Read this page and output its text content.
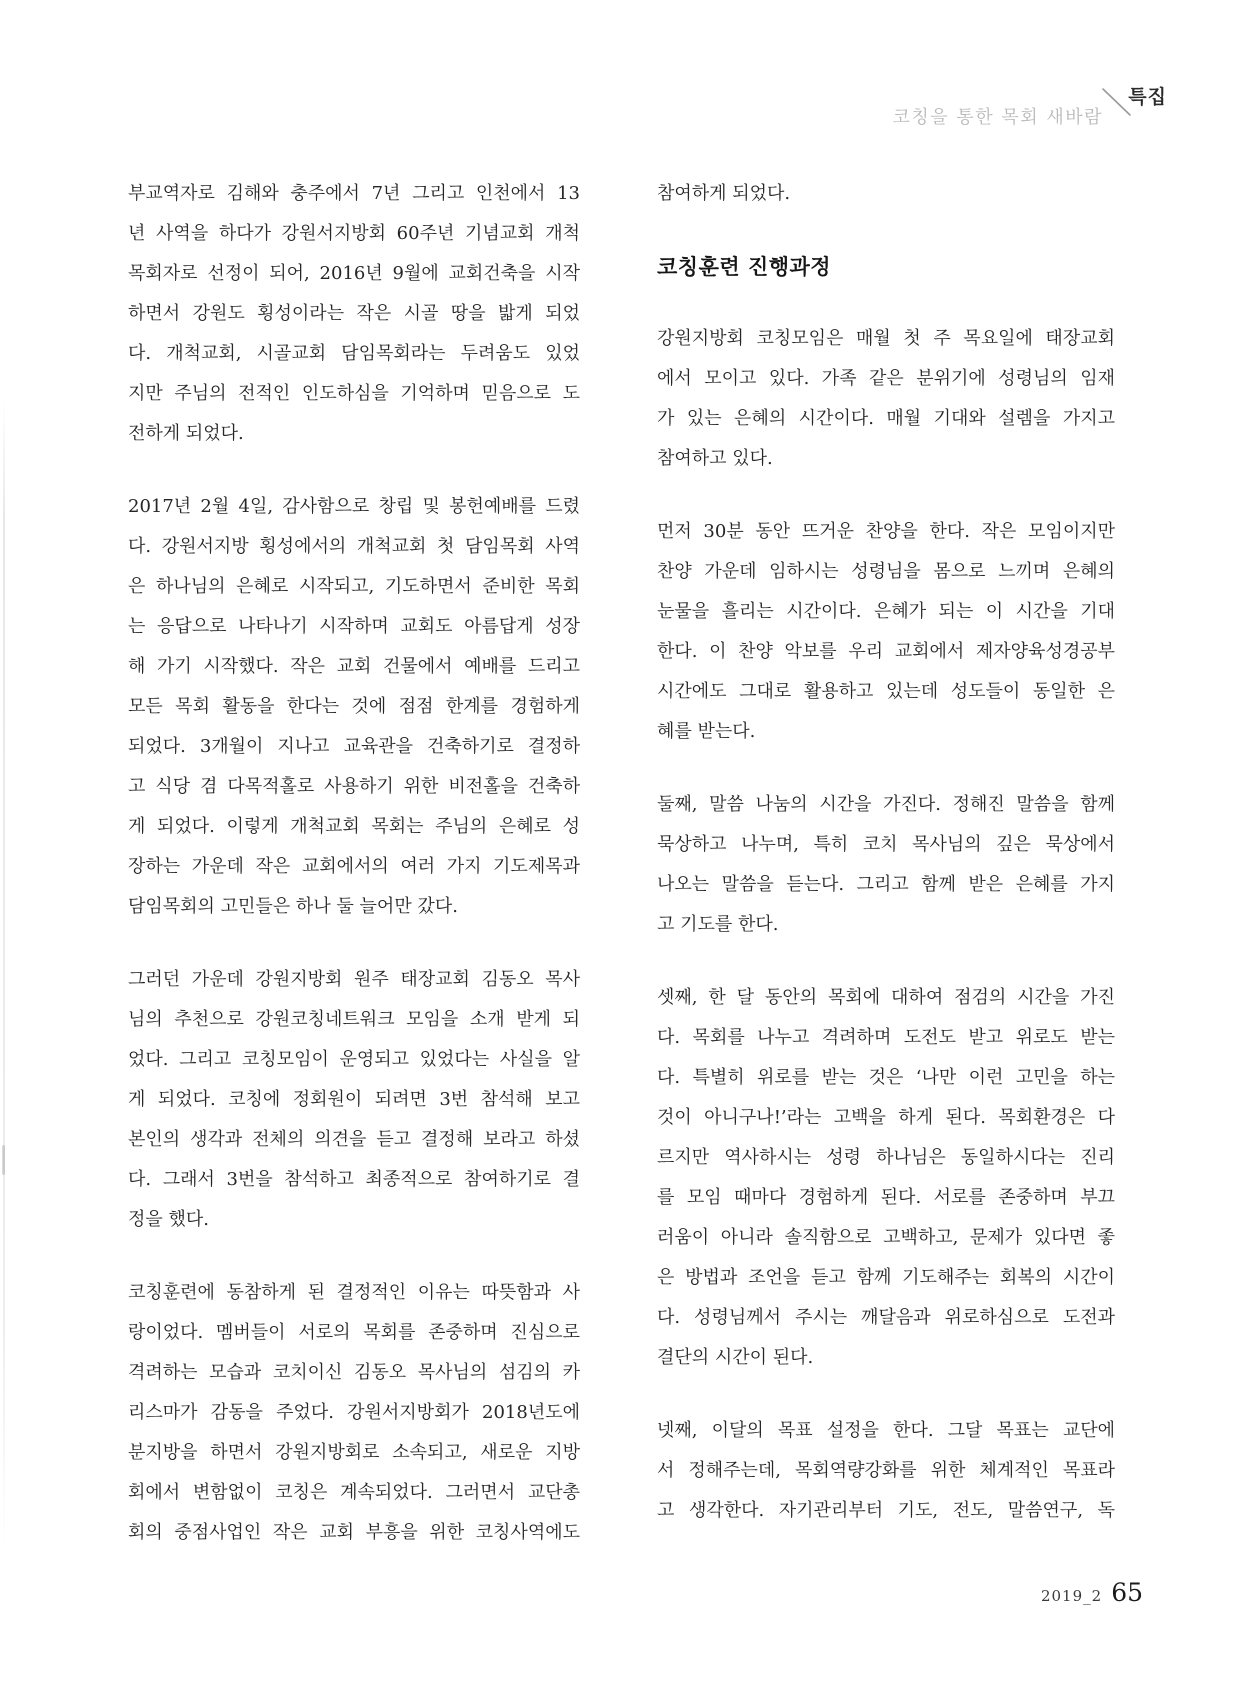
코칭을 통한 목회 새바람
특집
부교역자로 김해와 충주에서 7년 그리고 인천에서 13
년 사역을 하다가 강원서지방회 60주년 기념교회 개척
목회자로 선정이 되어, 2016년 9월에 교회건축을 시작
하면서 강원도 횡성이라는 작은 시골 땅을 밟게 되었
다. 개척교회, 시골교회 담임목회라는 두려움도 있었
지만 주님의 전적인 인도하심을 기억하며 믿음으로 도
전하게 되었다.
2017년 2월 4일, 감사함으로 창립 및 봉헌예배를 드렸
다. 강원서지방 횡성에서의 개척교회 첫 담임목회 사역
은 하나님의 은혜로 시작되고, 기도하면서 준비한 목회
는 응답으로 나타나기 시작하며 교회도 아름답게 성장
해 가기 시작했다. 작은 교회 건물에서 예배를 드리고
모든 목회 활동을 한다는 것에 점점 한계를 경험하게
되었다. 3개월이 지나고 교육관을 건축하기로 결정하
고 식당 겸 다목적홀로 사용하기 위한 비전홀을 건축하
게 되었다. 이렇게 개척교회 목회는 주님의 은혜로 성
장하는 가운데 작은 교회에서의 여러 가지 기도제목과
담임목회의 고민들은 하나 둘 늘어만 갔다.
그러던 가운데 강원지방회 원주 태장교회 김동오 목사
님의 추천으로 강원코칭네트워크 모임을 소개 받게 되
었다. 그리고 코칭모임이 운영되고 있었다는 사실을 알
게 되었다. 코칭에 정회원이 되려면 3번 참석해 보고
본인의 생각과 전체의 의견을 듣고 결정해 보라고 하셨
다. 그래서 3번을 참석하고 최종적으로 참여하기로 결
정을 했다.
코칭훈련에 동참하게 된 결정적인 이유는 따뜻함과 사
랑이었다. 멤버들이 서로의 목회를 존중하며 진심으로
격려하는 모습과 코치이신 김동오 목사님의 섬김의 카
리스마가 감동을 주었다. 강원서지방회가 2018년도에
분지방을 하면서 강원지방회로 소속되고, 새로운 지방
회에서 변함없이 코칭은 계속되었다. 그러면서 교단총
회의 중점사업인 작은 교회 부흥을 위한 코칭사역에도
참여하게 되었다.
코칭훈련 진행과정
강원지방회 코칭모임은 매월 첫 주 목요일에 태장교회
에서 모이고 있다. 가족 같은 분위기에 성령님의 임재
가 있는 은혜의 시간이다. 매월 기대와 설렘을 가지고
참여하고 있다.
먼저 30분 동안 뜨거운 찬양을 한다. 작은 모임이지만
찬양 가운데 임하시는 성령님을 몸으로 느끼며 은혜의
눈물을 흘리는 시간이다. 은혜가 되는 이 시간을 기대
한다. 이 찬양 악보를 우리 교회에서 제자양육성경공부
시간에도 그대로 활용하고 있는데 성도들이 동일한 은
혜를 받는다.
둘째, 말씀 나눔의 시간을 가진다. 정해진 말씀을 함께
묵상하고 나누며, 특히 코치 목사님의 깊은 묵상에서
나오는 말씀을 듣는다. 그리고 함께 받은 은혜를 가지
고 기도를 한다.
셋째, 한 달 동안의 목회에 대하여 점검의 시간을 가진
다. 목회를 나누고 격려하며 도전도 받고 위로도 받는
다. 특별히 위로를 받는 것은 ‘나만 이런 고민을 하는
것이 아니구나!’라는 고백을 하게 된다. 목회환경은 다
르지만 역사하시는 성령 하나님은 동일하시다는 진리
를 모임 때마다 경험하게 된다. 서로를 존중하며 부끄
러움이 아니라 솔직함으로 고백하고, 문제가 있다면 좋
은 방법과 조언을 듣고 함께 기도해주는 회복의 시간이
다. 성령님께서 주시는 깨달음과 위로하심으로 도전과
결단의 시간이 된다.
넷째, 이달의 목표 설정을 한다. 그달 목표는 교단에
서 정해주는데, 목회역량강화를 위한 체계적인 목표라
고 생각한다. 자기관리부터 기도, 전도, 말씀연구, 독
2019_2 65
